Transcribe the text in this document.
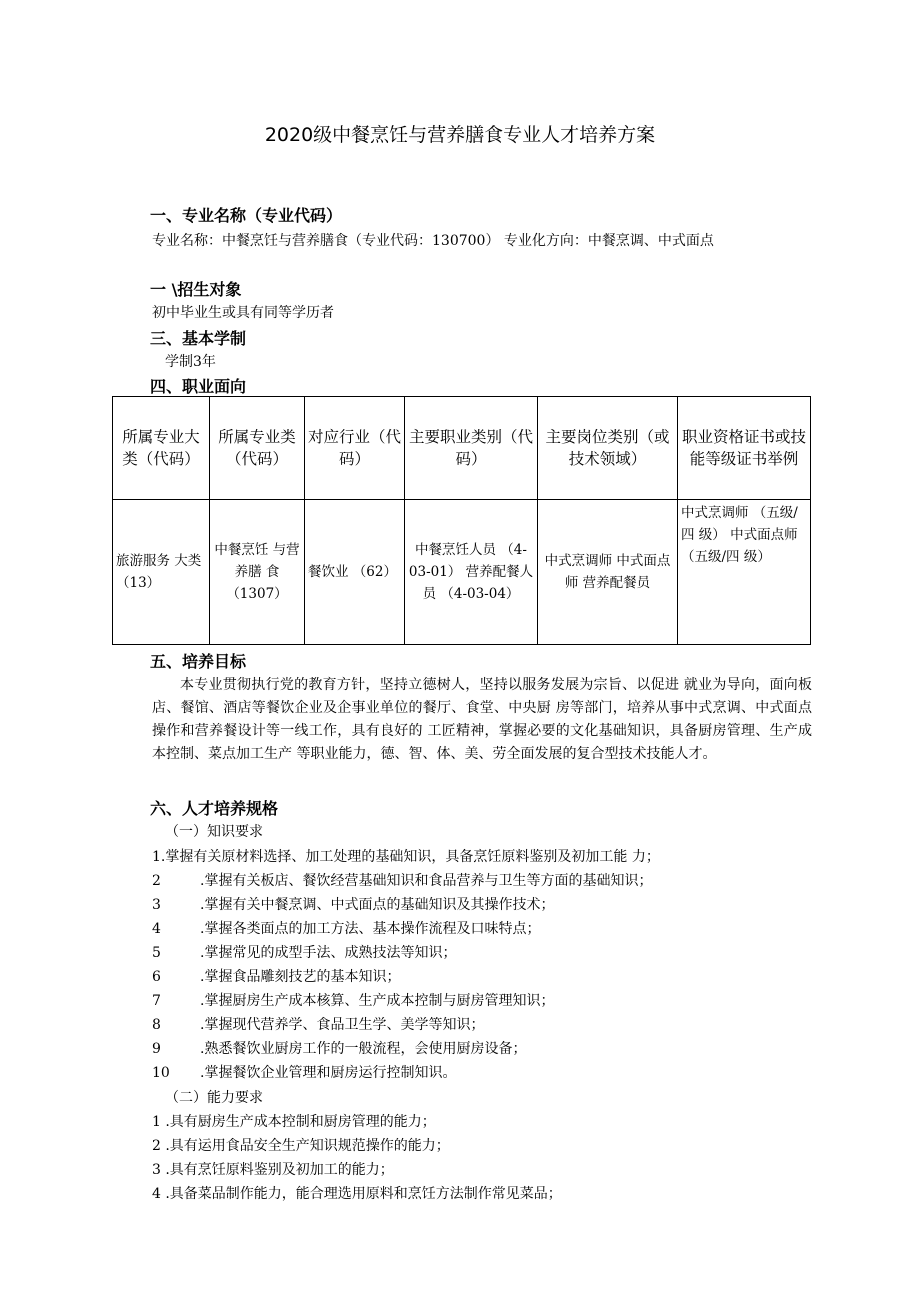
2020级中餐烹饪与营养膳食专业人才培养方案
一、专业名称（专业代码）
专业名称：中餐烹饪与营养膳食（专业代码：130700） 专业化方向：中餐烹调、中式面点
一 \招生对象
初中毕业生或具有同等学历者
三、基本学制
学制3年
四、职业面向
所属专业大类（代码）	所属专业类（代码）	对应行业（代码）	主要职业类别（代码）	主要岗位类别（或技术领域）	职业资格证书或技能等级证书举例
旅游服务 大类 （13）	中餐烹饪 与营养膳 食（1307）	餐饮业 （62）	中餐烹饪人员 （4-03-01） 营养配餐人员 （4-03-04）	中式烹调师 中式面点师 营养配餐员	中式烹调师 （五级/四 级） 中式面点师 （五级/四 级）
五、培养目标
本专业贯彻执行党的教育方针，坚持立德树人，坚持以服务发展为宗旨、以促进 就业为导向，面向板店、餐馆、酒店等餐饮企业及企事业单位的餐厅、食堂、中央厨 房等部门，培养从事中式烹调、中式面点操作和营养餐设计等一线工作，具有良好的 工匠精神，掌握必要的文化基础知识，具备厨房管理、生产成本控制、菜点加工生产 等职业能力，德、智、体、美、劳全面发展的复合型技术技能人才。
六、人才培养规格
（一）知识要求
1.掌握有关原材料选择、加工处理的基础知识，具备烹饪原料鉴别及初加工能 力；
2	.掌握有关板店、餐饮经营基础知识和食品营养与卫生等方面的基础知识；
3	.掌握有关中餐烹调、中式面点的基础知识及其操作技术；
4	.掌握各类面点的加工方法、基本操作流程及口味特点；
5	.掌握常见的成型手法、成熟技法等知识；
6	.掌握食品雕刻技艺的基本知识；
7	.掌握厨房生产成本核算、生产成本控制与厨房管理知识；
8	.掌握现代营养学、食品卫生学、美学等知识；
9	.熟悉餐饮业厨房工作的一般流程，会使用厨房设备；
10 .掌握餐饮企业管理和厨房运行控制知识。
（二）能力要求
1 .具有厨房生产成本控制和厨房管理的能力；
2 .具有运用食品安全生产知识规范操作的能力；
3 .具有烹饪原料鉴别及初加工的能力；
4 .具备菜品制作能力，能合理选用原料和烹饪方法制作常见菜品；
